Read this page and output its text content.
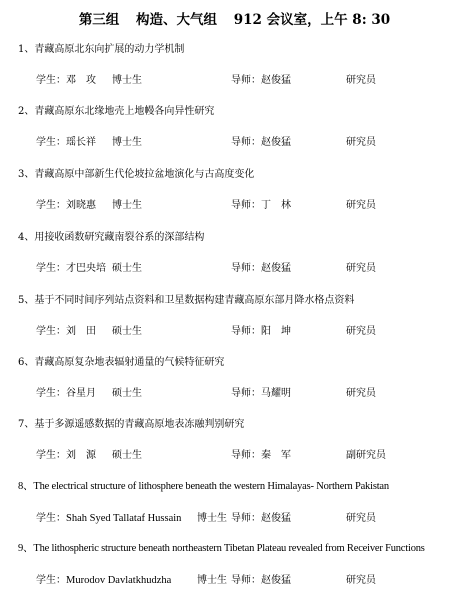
第三组 构造、大气组 912 会议室，上午 8: 30
1、青藏高原北东向扩展的动力学机制
学生：邓　攻 博士生	导师：赵俊猛	研究员
2、青藏高原东北缘地壳上地幔各向异性研究
学生：瑶长祥 博士生	导师：赵俊猛	研究员
3、青藏高原中部新生代伦坡拉盆地演化与古高度变化
学生：刘晓惠 博士生	导师：丁　林	研究员
4、用接收函数研究藏南裂谷系的深部结构
学生：才巴央培 硕士生	导师：赵俊猛	研究员
5、基于不同时间序列站点资料和卫星数据构建青藏高原东部月降水格点资料
学生：刘　田 硕士生	导师：阳　坤	研究员
6、青藏高原复杂地表辐射通量的气候特征研究
学生：谷星月 硕士生	导师：马耀明	研究员
7、基于多源遥感数据的青藏高原地表冻融判别研究
学生：刘　源 硕士生	导师：秦　军	副研究员
8、The electrical structure of lithosphere beneath the western Himalayas- Northern Pakistan
学生：Shah Syed Tallataf Hussain 博士生 导师：赵俊猛	研究员
9、The lithospheric structure beneath northeastern Tibetan Plateau revealed from Receiver Functions
学生：Murodov Davlatkhudzha	博士生 导师：赵俊猛	研究员
